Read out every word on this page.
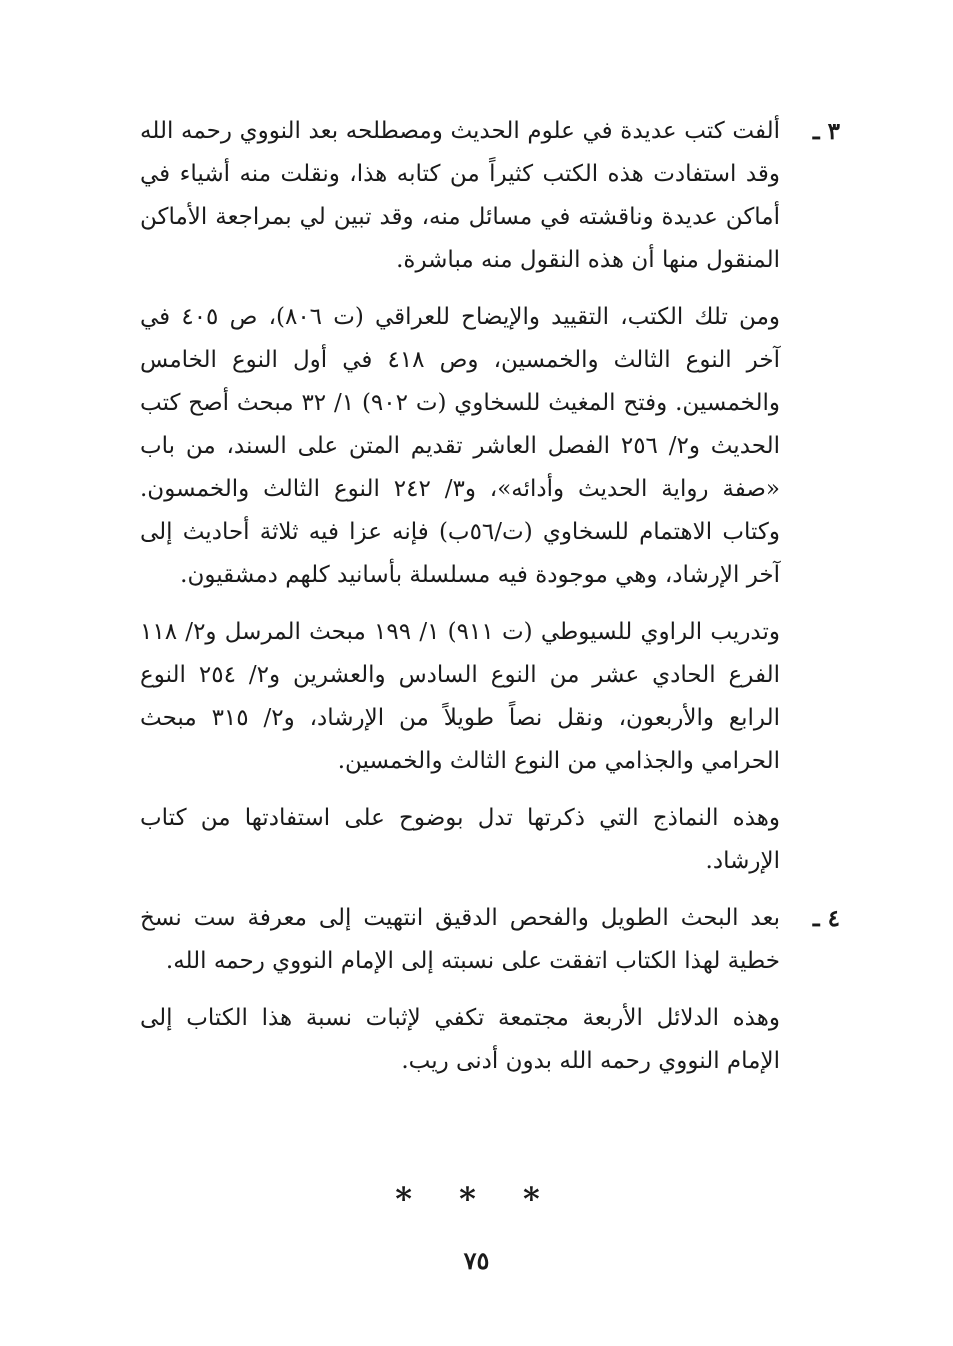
٣ ـ

ألفت كتب عديدة في علوم الحديث ومصطلحه بعد النووي رحمه الله وقد استفادت هذه الكتب كثيراً من كتابه هذا، ونقلت منه أشياء في أماكن عديدة وناقشته في مسائل منه، وقد تبين لي بمراجعة الأماكن المنقول منها أن هذه النقول منه مباشرة.

ومن تلك الكتب، التقييد والإيضاح للعراقي (ت ٨٠٦)، ص ٤٠٥ في آخر النوع الثالث والخمسين، وص ٤١٨ في أول النوع الخامس والخمسين. وفتح المغيث للسخاوي (ت ٩٠٢) ١/ ٣٢ مبحث أصح كتب الحديث و٢/ ٢٥٦ الفصل العاشر تقديم المتن على السند، من باب «صفة رواية الحديث وأدائه»، و٣/ ٢٤٢ النوع الثالث والخمسون. وكتاب الاهتمام للسخاوي (ت/٥٦ب) فإنه عزا فيه ثلاثة أحاديث إلى آخر الإرشاد، وهي موجودة فيه مسلسلة بأسانيد كلهم دمشقيون.

وتدريب الراوي للسيوطي (ت ٩١١) ١/ ١٩٩ مبحث المرسل و٢/ ١١٨ الفرع الحادي عشر من النوع السادس والعشرين و٢/ ٢٥٤ النوع الرابع والأربعون، ونقل نصاً طويلاً من الإرشاد، و٢/ ٣١٥ مبحث الحرامي والجذامي من النوع الثالث والخمسين.

وهذه النماذج التي ذكرتها تدل بوضوح على استفادتها من كتاب الإرشاد.

٤ ـ

بعد البحث الطويل والفحص الدقيق انتهيت إلى معرفة ست نسخ خطية لهذا الكتاب اتفقت على نسبته إلى الإمام النووي رحمه الله.

وهذه الدلائل الأربعة مجتمعة تكفي لإثبات نسبة هذا الكتاب إلى الإمام النووي رحمه الله بدون أدنى ريب.

* * *
٧٥
